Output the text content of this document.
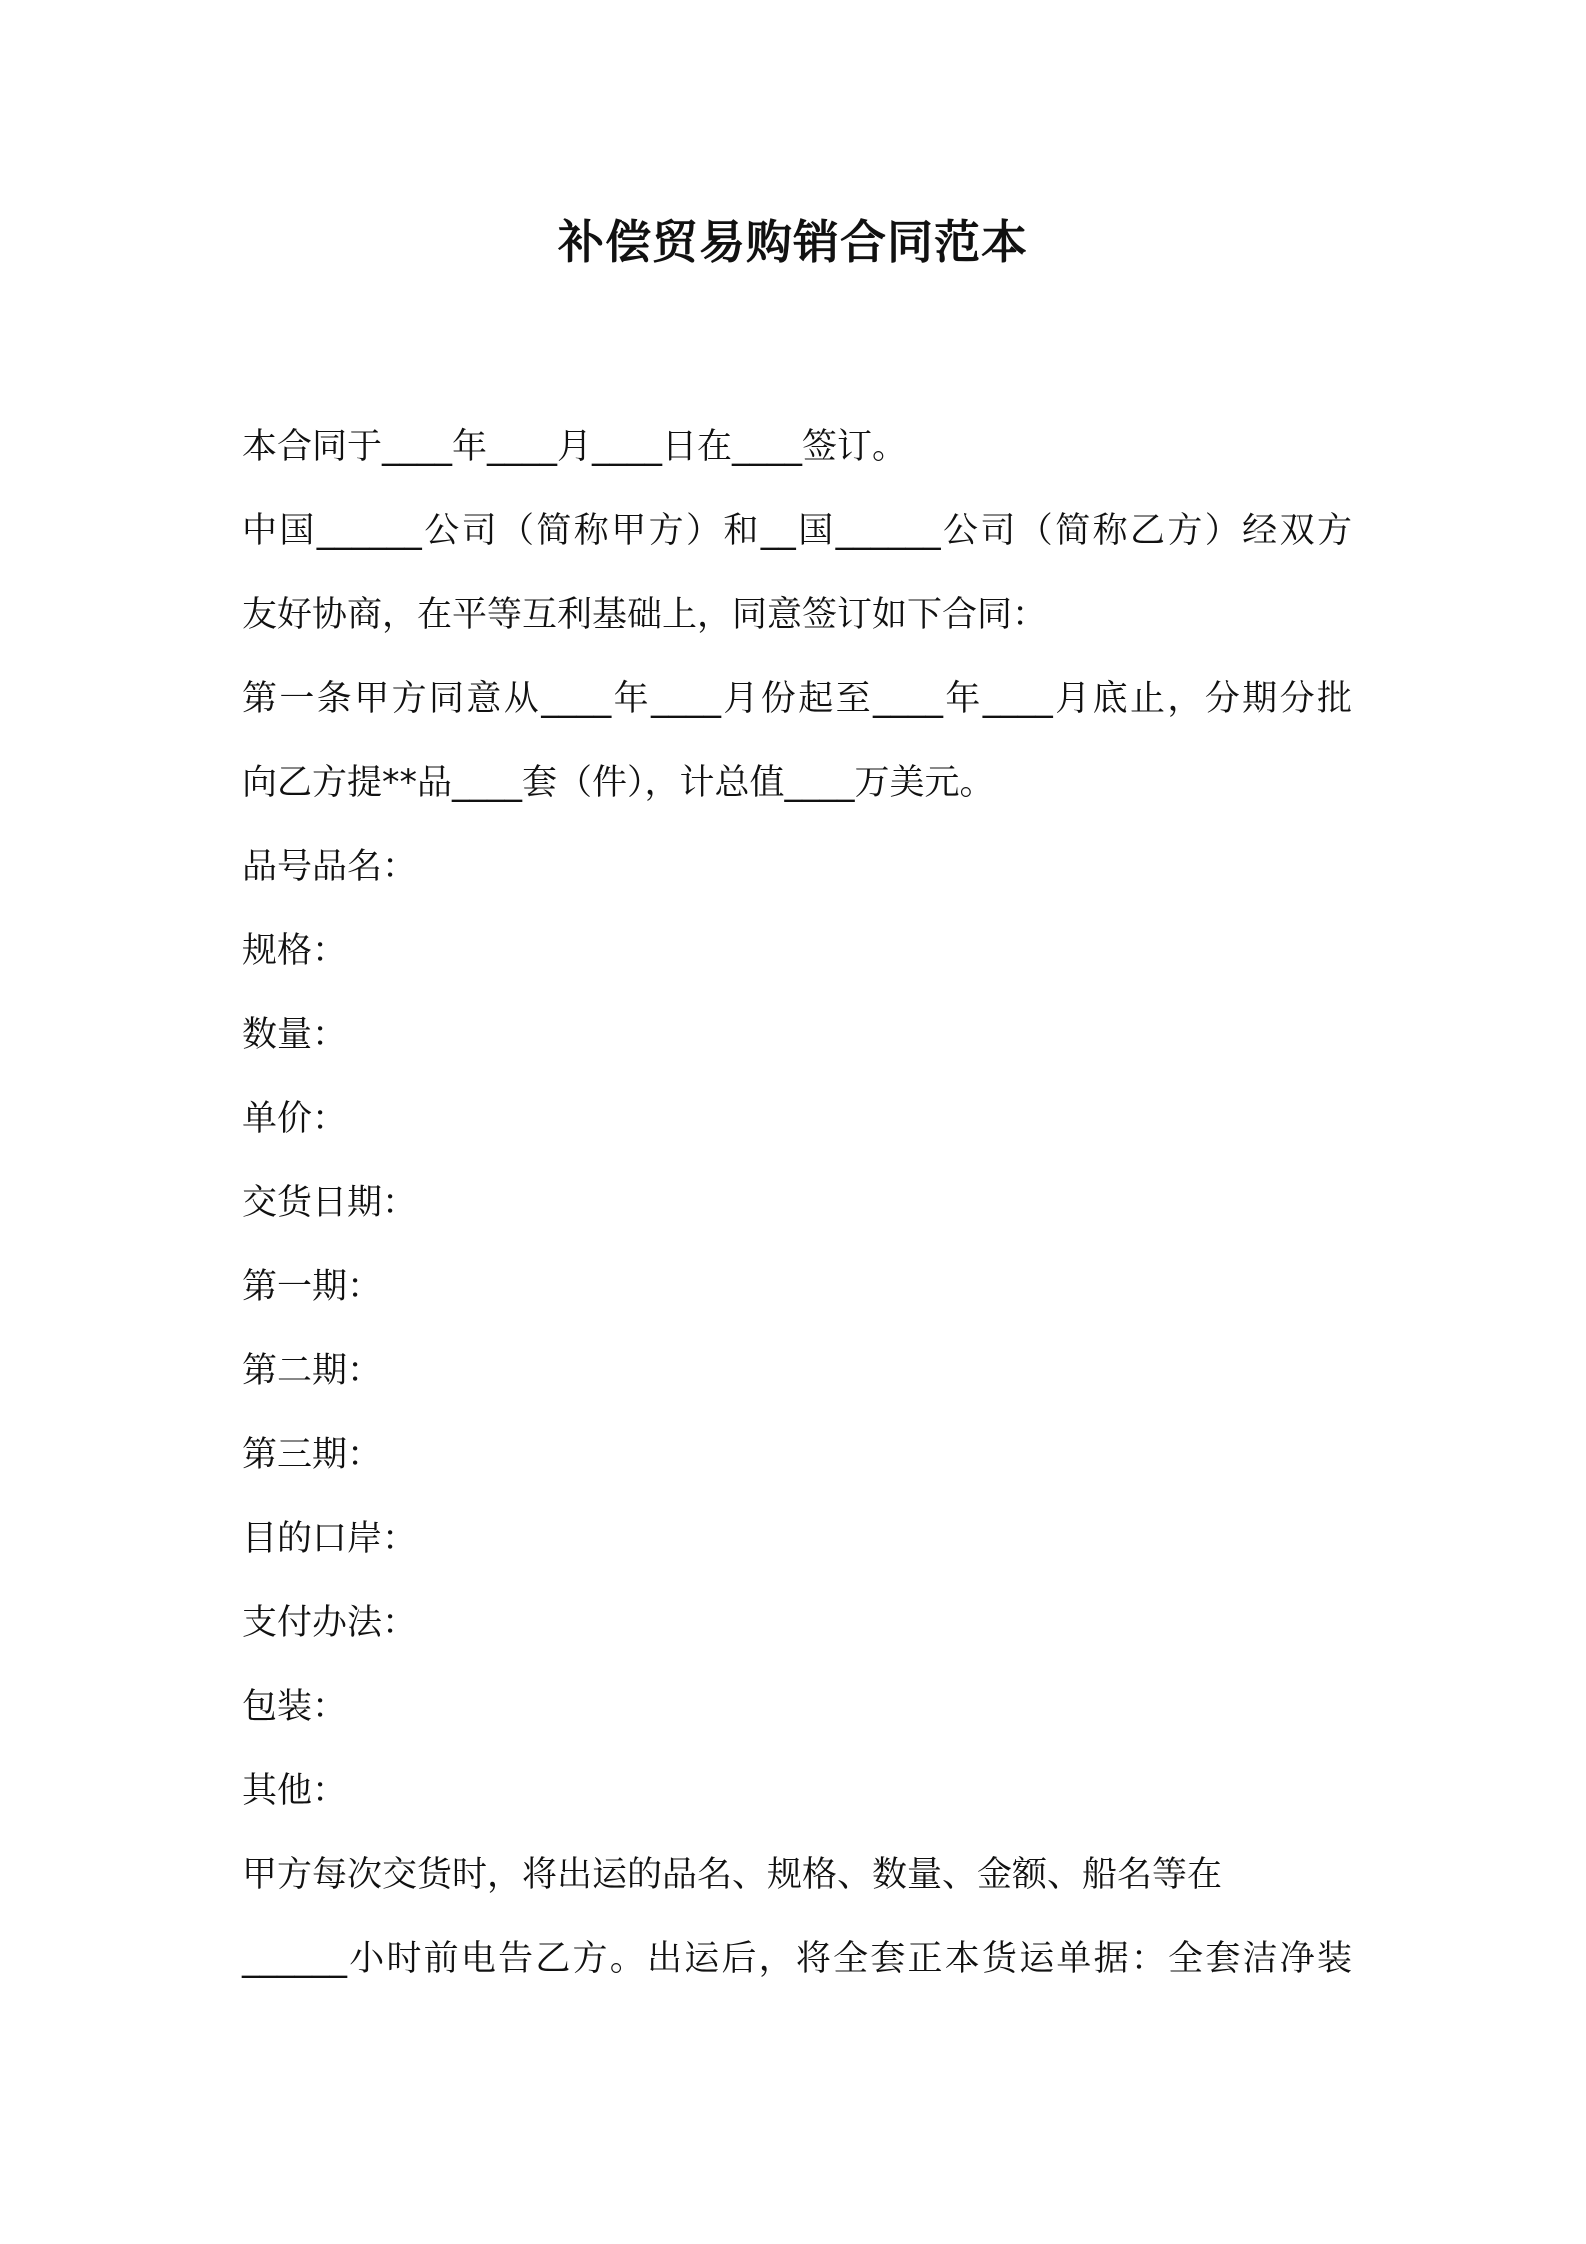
补偿贸易购销合同范本
本合同于____年____月____日在____签订。
中国______公司（简称甲方）和__国______公司（简称乙方）经双方
友好协商，在平等互利基础上，同意签订如下合同：
第一条甲方同意从____年____月份起至____年____月底止，分期分批
向乙方提**品____套（件），计总值____万美元。
品号品名：
规格：
数量：
单价：
交货日期：
第一期：
第二期：
第三期：
目的口岸：
支付办法：
包装：
其他：
甲方每次交货时，将出运的品名、规格、数量、金额、船名等在
______小时前电告乙方。出运后，将全套正本货运单据：全套洁净装
